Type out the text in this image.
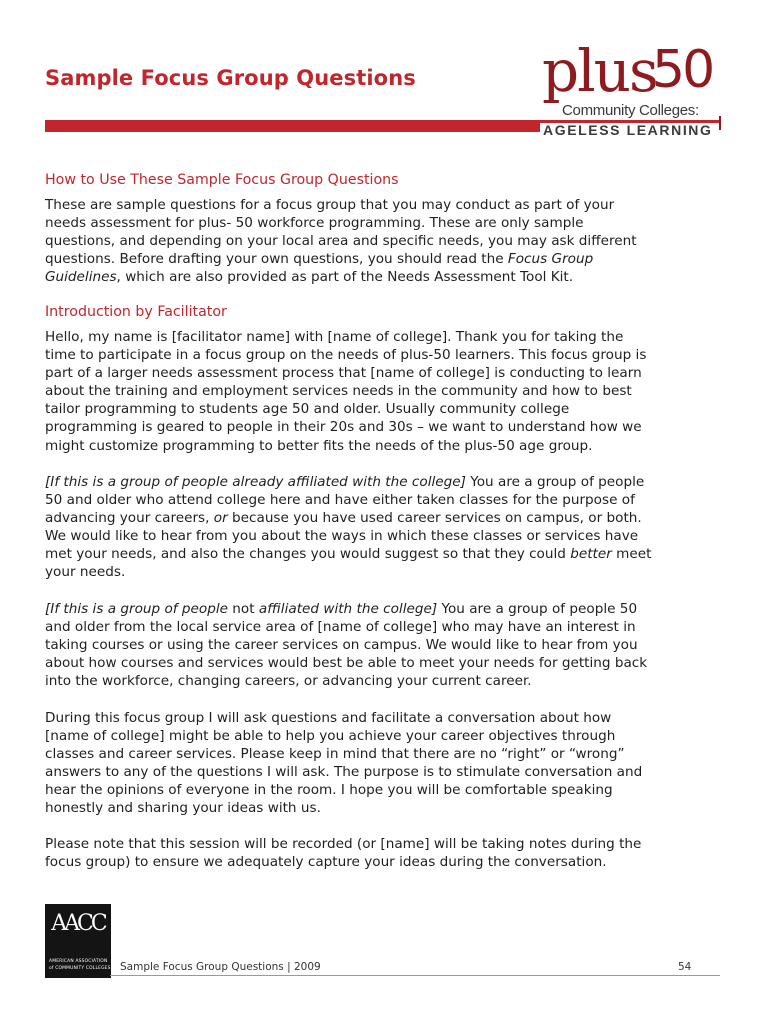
Sample Focus Group Questions plus
50
Community Colleges:
AGELESS LEARNING
How to Use These Sample Focus Group Questions
These are sample questions for a focus group that you may conduct as part of your
needs assessment for plus- 50 workforce programming. These are only sample
questions, and depending on your local area and specific needs, you may ask different
questions. Before drafting your own questions, you should read the Focus Group
Guidelines, which are also provided as part of the Needs Assessment Tool Kit.
Introduction by Facilitator
Hello, my name is [facilitator name] with [name of college]. Thank you for taking the
time to participate in a focus group on the needs of plus-50 learners. This focus group is
part of a larger needs assessment process that [name of college] is conducting to learn
about the training and employment services needs in the community and how to best
tailor programming to students age 50 and older. Usually community college
programming is geared to people in their 20s and 30s – we want to understand how we
might customize programming to better fits the needs of the plus-50 age group.
[If this is a group of people already affiliated with the college] You are a group of people
50 and older who attend college here and have either taken classes for the purpose of
advancing your careers, or because you have used career services on campus, or both.
We would like to hear from you about the ways in which these classes or services have
met your needs, and also the changes you would suggest so that they could better meet
your needs.
[If this is a group of people not affiliated with the college] You are a group of people 50
and older from the local service area of [name of college] who may have an interest in
taking courses or using the career services on campus. We would like to hear from you
about how courses and services would best be able to meet your needs for getting back
into the workforce, changing careers, or advancing your current career.
During this focus group I will ask questions and facilitate a conversation about how
[name of college] might be able to help you achieve your career objectives through
classes and career services. Please keep in mind that there are no “right” or “wrong”
answers to any of the questions I will ask. The purpose is to stimulate conversation and
hear the opinions of everyone in the room. I hope you will be comfortable speaking
honestly and sharing your ideas with us.
Please note that this session will be recorded (or [name] will be taking notes during the
focus group) to ensure we adequately capture your ideas during the conversation.
AACC
AMERICAN ASSOCIATION
of COMMUNITY COLLEGES Sample Focus Group Questions | 2009	54
